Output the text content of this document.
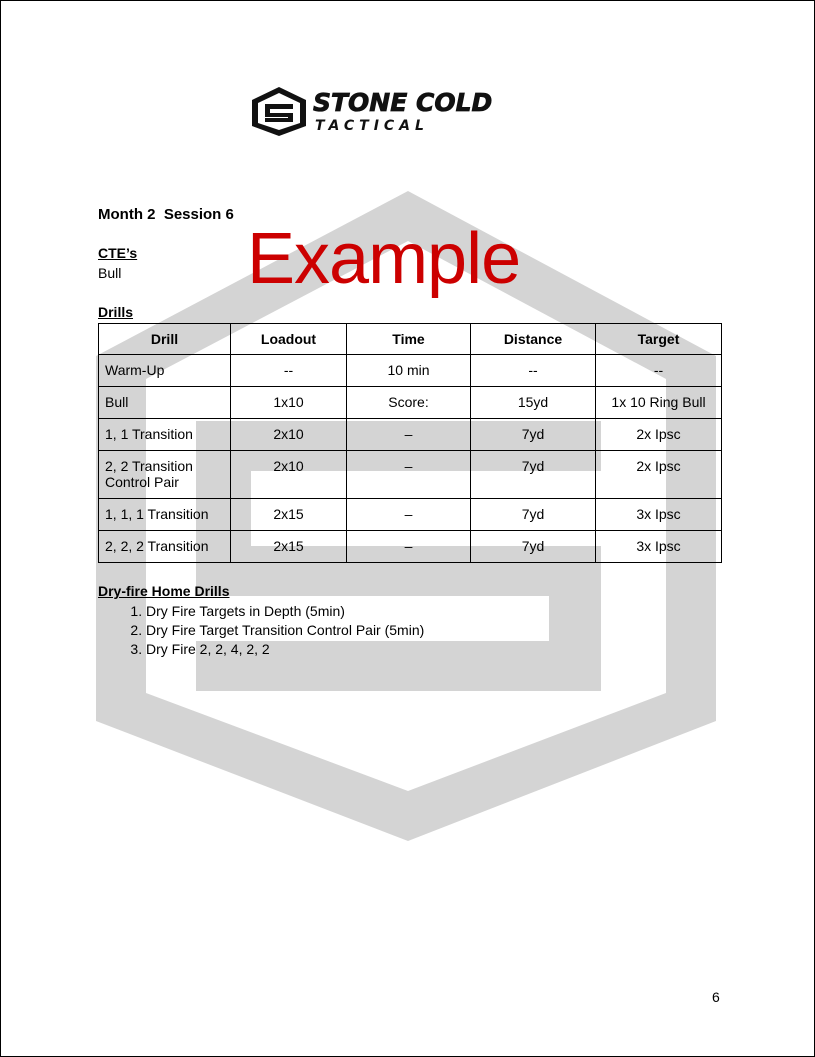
STONE COLD
TACTICAL
Month 2  Session 6
CTE’s
Bull Example
Drills
Drill	Loadout	Time	Distance	Target
Warm-Up	--	10 min	--	--
Bull	1x10	Score:	15yd	1x 10 Ring Bull
1, 1 Transition	2x10	–	7yd	2x Ipsc
2, 2 Transition Control Pair	2x10	–	7yd	2x Ipsc
1, 1, 1 Transition	2x15	–	7yd	3x Ipsc
2, 2, 2 Transition	2x15	–	7yd	3x Ipsc
Dry-fire Home Drills
1. Dry Fire Targets in Depth (5min)
2. Dry Fire Target Transition Control Pair (5min)
3. Dry Fire 2, 2, 4, 2, 2
6
